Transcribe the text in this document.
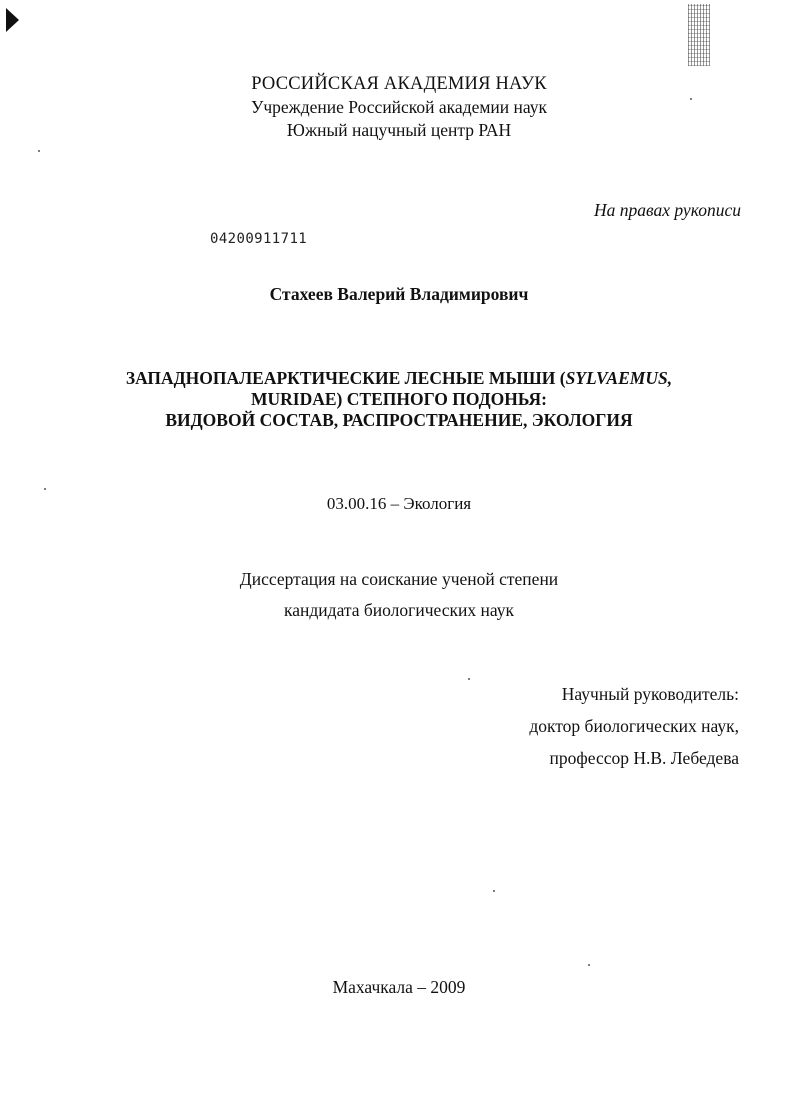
РОССИЙСКАЯ АКАДЕМИЯ НАУК
Учреждение Российской академии наук
Южный нацучный центр РАН
На правах рукописи
04200911711
Стахеев Валерий Владимирович
ЗАПАДНОПАЛЕАРКТИЧЕСКИЕ ЛЕСНЫЕ МЫШИ (SYLVAEMUS,
MURIDAE) СТЕПНОГО ПОДОНЬЯ:
ВИДОВОЙ СОСТАВ, РАСПРОСТРАНЕНИЕ, ЭКОЛОГИЯ
03.00.16 – Экология
Диссертация на соискание ученой степени
кандидата биологических наук
Научный руководитель:
доктор биологических наук,
профессор Н.В. Лебедева
Махачкала – 2009
